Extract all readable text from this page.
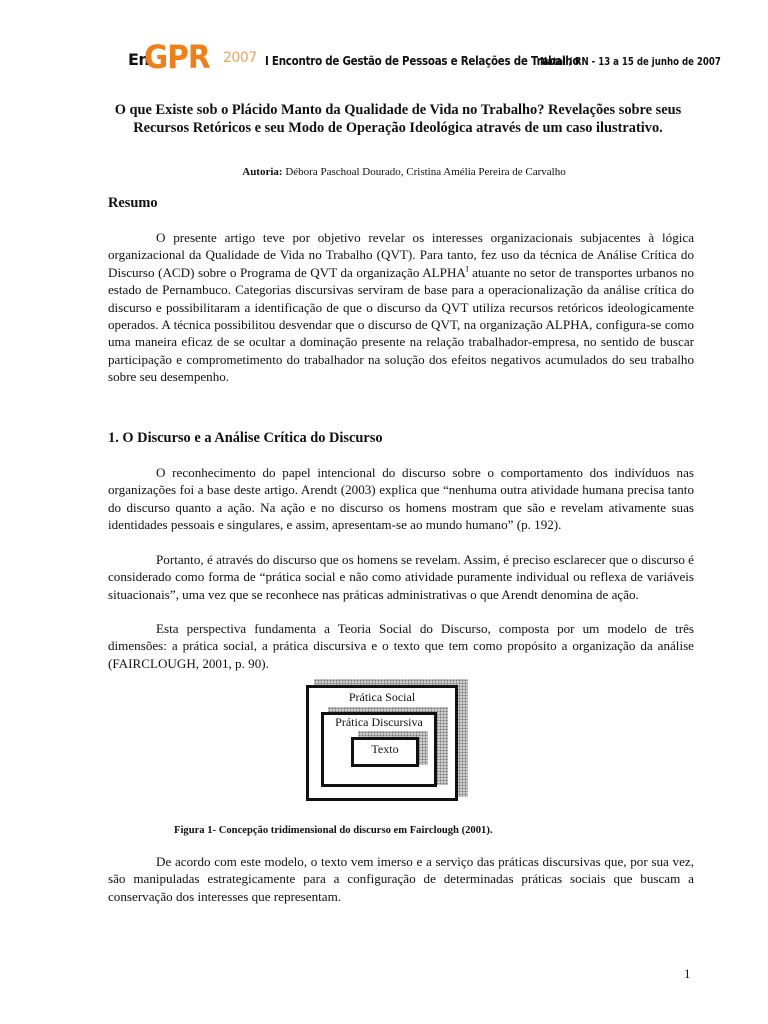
En
GPR 2007 I Encontro de Gestão de Pessoas e Relações de Trabalho
Natal / RN - 13 a 15 de junho de 2007
O que Existe sob o Plácido Manto da Qualidade de Vida no Trabalho? Revelações sobre seus Recursos Retóricos e seu Modo de Operação Ideológica através de um caso ilustrativo.
Autoria: Débora Paschoal Dourado, Cristina Amélia Pereira de Carvalho
Resumo
O presente artigo teve por objetivo revelar os interesses organizacionais subjacentes à lógica organizacional da Qualidade de Vida no Trabalho (QVT). Para tanto, fez uso da técnica de Análise Crítica do Discurso (ACD) sobre o Programa de QVT da organização $ALPHA^I$ atuante no setor de transportes urbanos no estado de Pernambuco. Categorias discursivas serviram de base para a operacionalização da análise crítica do discurso e possibilitaram a identificação de que o discurso da QVT utiliza recursos retóricos ideologicamente operados. A técnica possibilitou desvendar que o discurso de QVT, na organização ALPHA, configura-se como uma maneira eficaz de se ocultar a dominação presente na relação trabalhador-empresa, no sentido de buscar participação e comprometimento do trabalhador na solução dos efeitos negativos acumulados do seu trabalho sobre seu desempenho.
1. O Discurso e a Análise Crítica do Discurso
O reconhecimento do papel intencional do discurso sobre o comportamento dos indivíduos nas organizações foi a base deste artigo. Arendt (2003) explica que “nenhuma outra atividade humana precisa tanto do discurso quanto a ação. Na ação e no discurso os homens mostram que são e revelam ativamente suas identidades pessoais e singulares, e assim, apresentam-se ao mundo humano” (p. 192).
Portanto, é através do discurso que os homens se revelam. Assim, é preciso esclarecer que o discurso é considerado como forma de “prática social e não como atividade puramente individual ou reflexa de variáveis situacionais”, uma vez que se reconhece nas práticas administrativas o que Arendt denomina de ação.
Esta perspectiva fundamenta a Teoria Social do Discurso, composta por um modelo de três dimensões: a prática social, a prática discursiva e o texto que tem como propósito a organização da análise (FAIRCLOUGH, 2001, p. 90).
Prática Social
Prática Discursiva
Texto
Figura 1- Concepção tridimensional do discurso em Fairclough (2001).
De acordo com este modelo, o texto vem imerso e a serviço das práticas discursivas que, por sua vez, são manipuladas estrategicamente para a configuração de determinadas práticas sociais que buscam a conservação dos interesses que representam.
1
